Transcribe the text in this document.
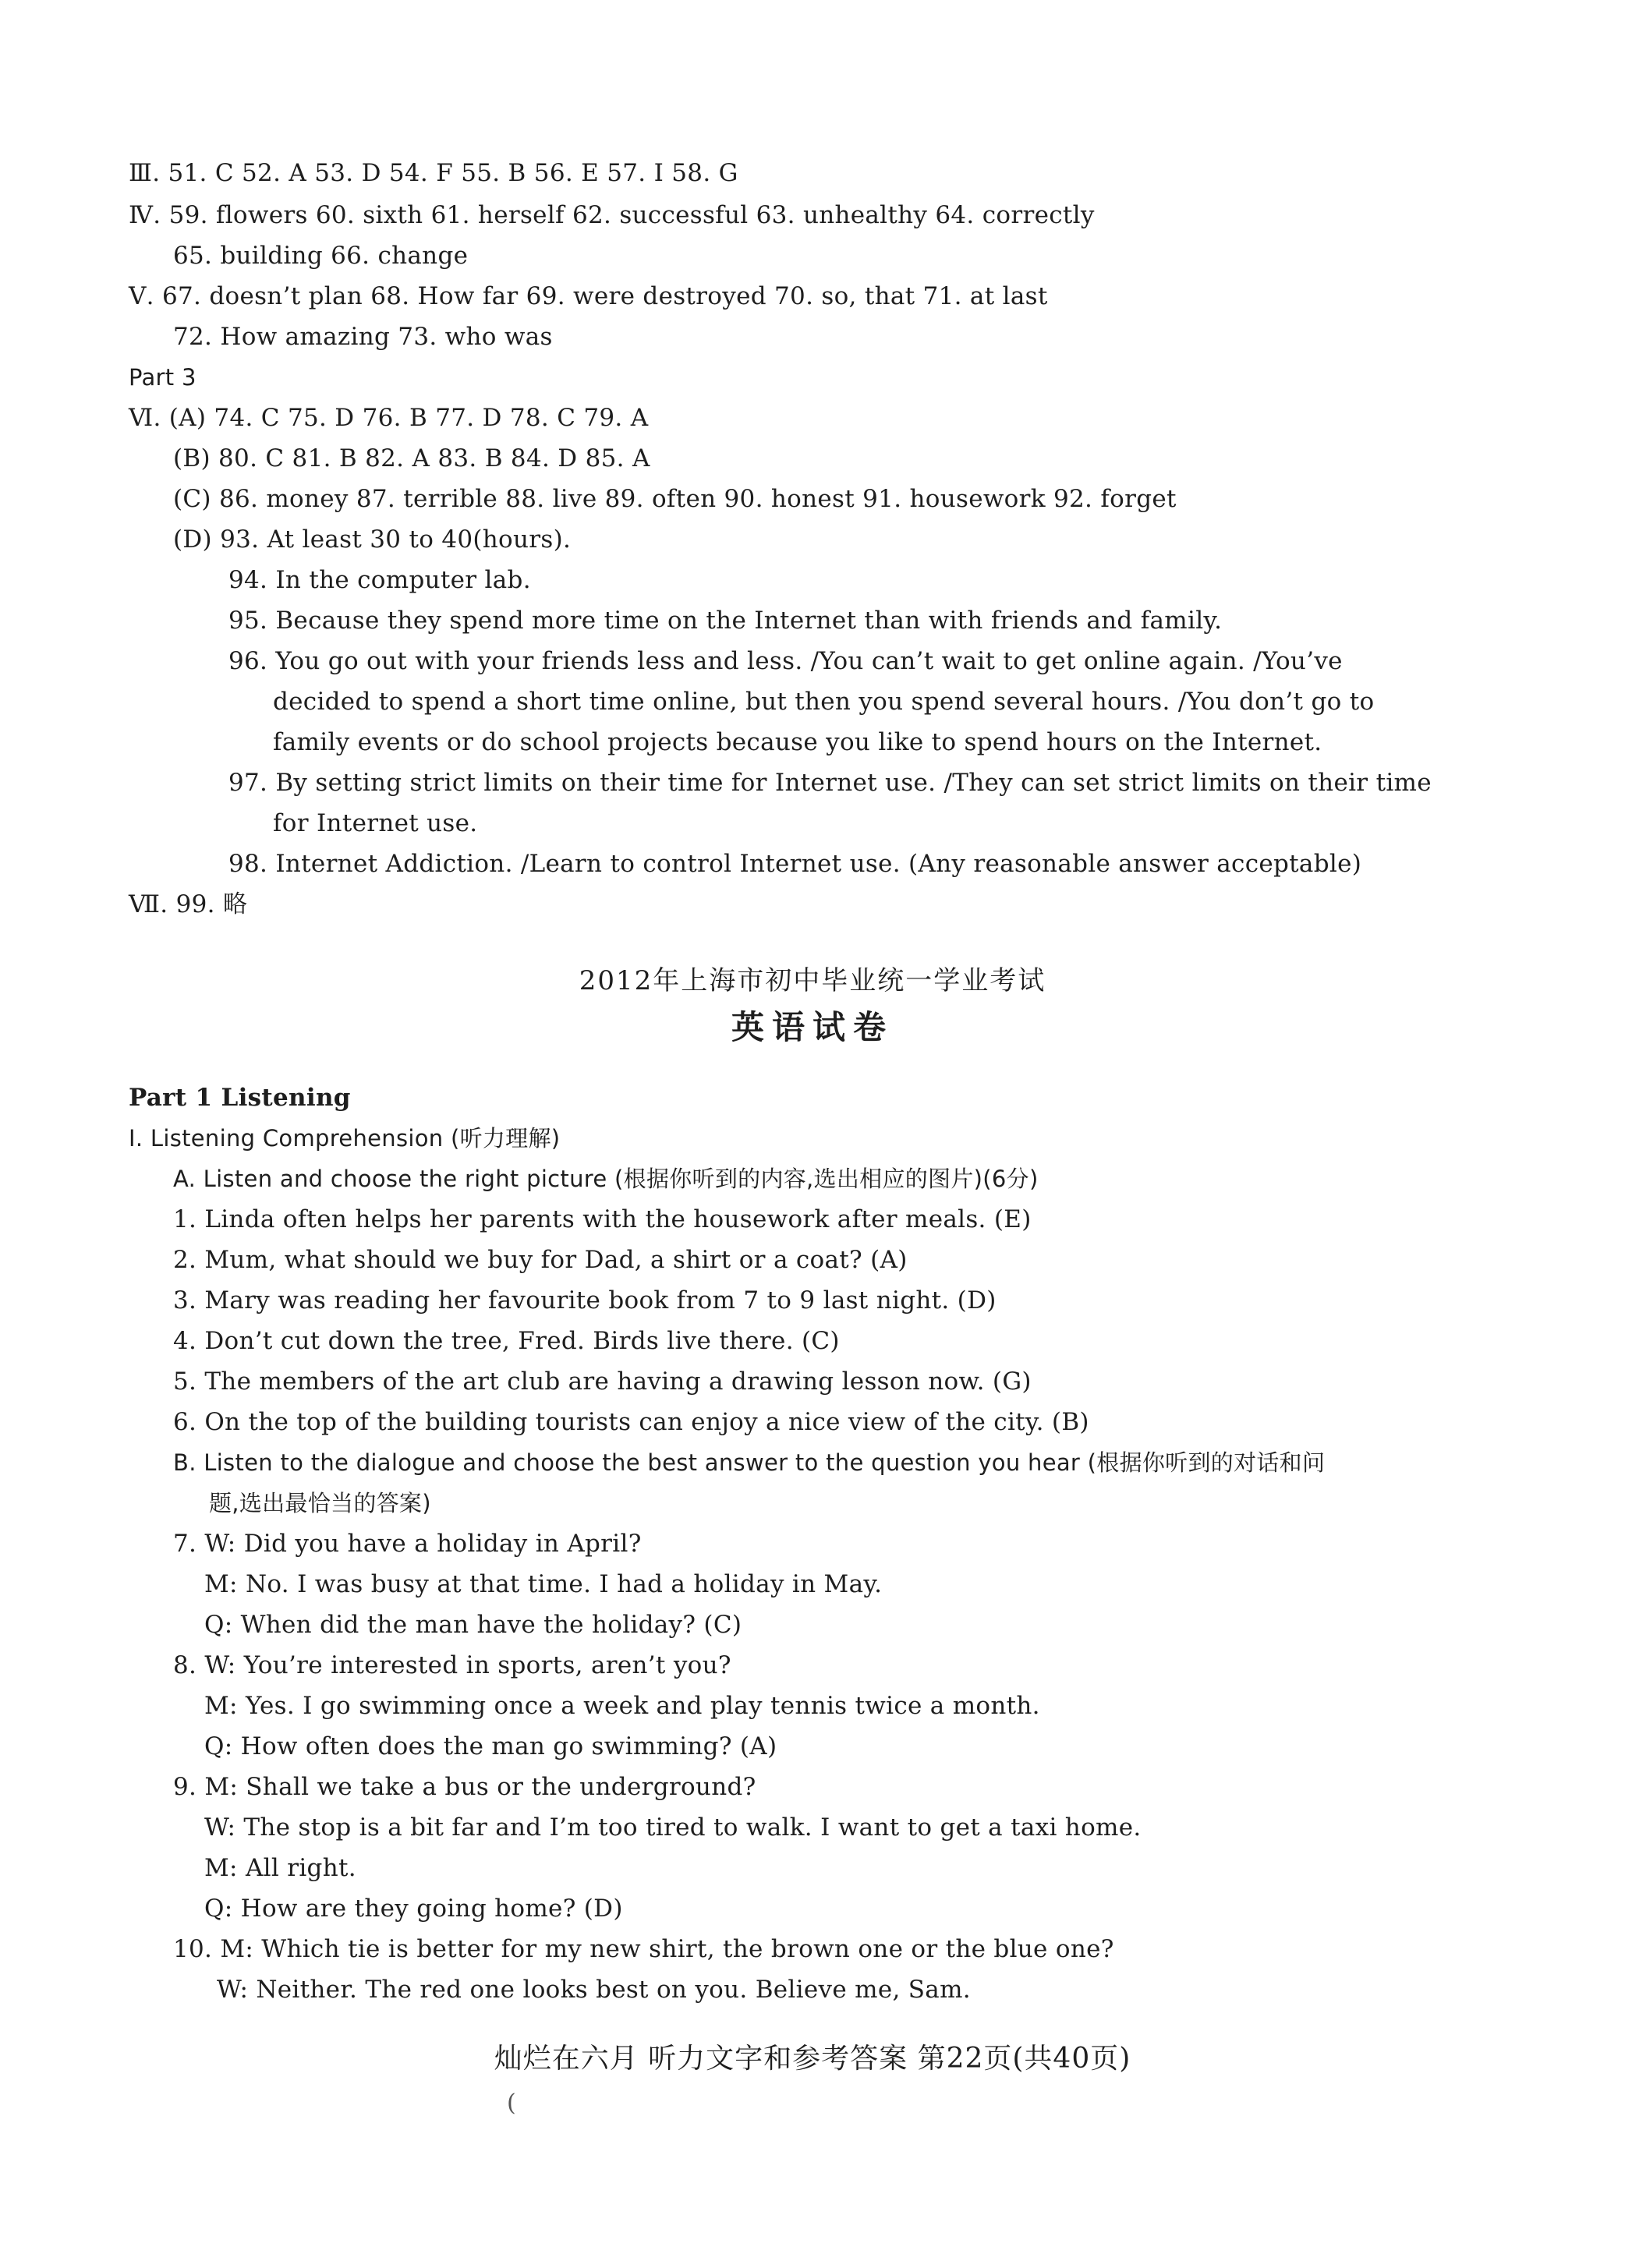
Ⅲ. 51. C 52. A 53. D 54. F 55. B 56. E 57. I 58. G
Ⅳ. 59. flowers 60. sixth 61. herself 62. successful 63. unhealthy 64. correctly
65. building 66. change
Ⅴ. 67. doesn’t plan 68. How far 69. were destroyed 70. so, that 71. at last
72. How amazing 73. who was
Part 3
Ⅵ. (A) 74. C 75. D 76. B 77. D 78. C 79. A
(B) 80. C 81. B 82. A 83. B 84. D 85. A
(C) 86. money 87. terrible 88. live 89. often 90. honest 91. housework 92. forget
(D) 93. At least 30 to 40(hours).
94. In the computer lab.
95. Because they spend more time on the Internet than with friends and family.
96. You go out with your friends less and less. /You can’t wait to get online again. /You’ve
decided to spend a short time online, but then you spend several hours. /You don’t go to
family events or do school projects because you like to spend hours on the Internet.
97. By setting strict limits on their time for Internet use. /They can set strict limits on their time
for Internet use.
98. Internet Addiction. /Learn to control Internet use. (Any reasonable answer acceptable)
Ⅶ. 99. 略
2012年上海市初中毕业统一学业考试
英语试卷
Part 1 Listening
Ⅰ. Listening Comprehension (听力理解)
A. Listen and choose the right picture (根据你听到的内容,选出相应的图片)(6分)
1. Linda often helps her parents with the housework after meals. (E)
2. Mum, what should we buy for Dad, a shirt or a coat? (A)
3. Mary was reading her favourite book from 7 to 9 last night. (D)
4. Don’t cut down the tree, Fred. Birds live there. (C)
5. The members of the art club are having a drawing lesson now. (G)
6. On the top of the building tourists can enjoy a nice view of the city. (B)
B. Listen to the dialogue and choose the best answer to the question you hear (根据你听到的对话和问
题,选出最恰当的答案)
7. W: Did you have a holiday in April?
M: No. I was busy at that time. I had a holiday in May.
Q: When did the man have the holiday? (C)
8. W: You’re interested in sports, aren’t you?
M: Yes. I go swimming once a week and play tennis twice a month.
Q: How often does the man go swimming? (A)
9. M: Shall we take a bus or the underground?
W: The stop is a bit far and I’m too tired to walk. I want to get a taxi home.
M: All right.
Q: How are they going home? (D)
10. M: Which tie is better for my new shirt, the brown one or the blue one?
W: Neither. The red one looks best on you. Believe me, Sam.
灿烂在六月 听力文字和参考答案 第22页(共40页)
(
